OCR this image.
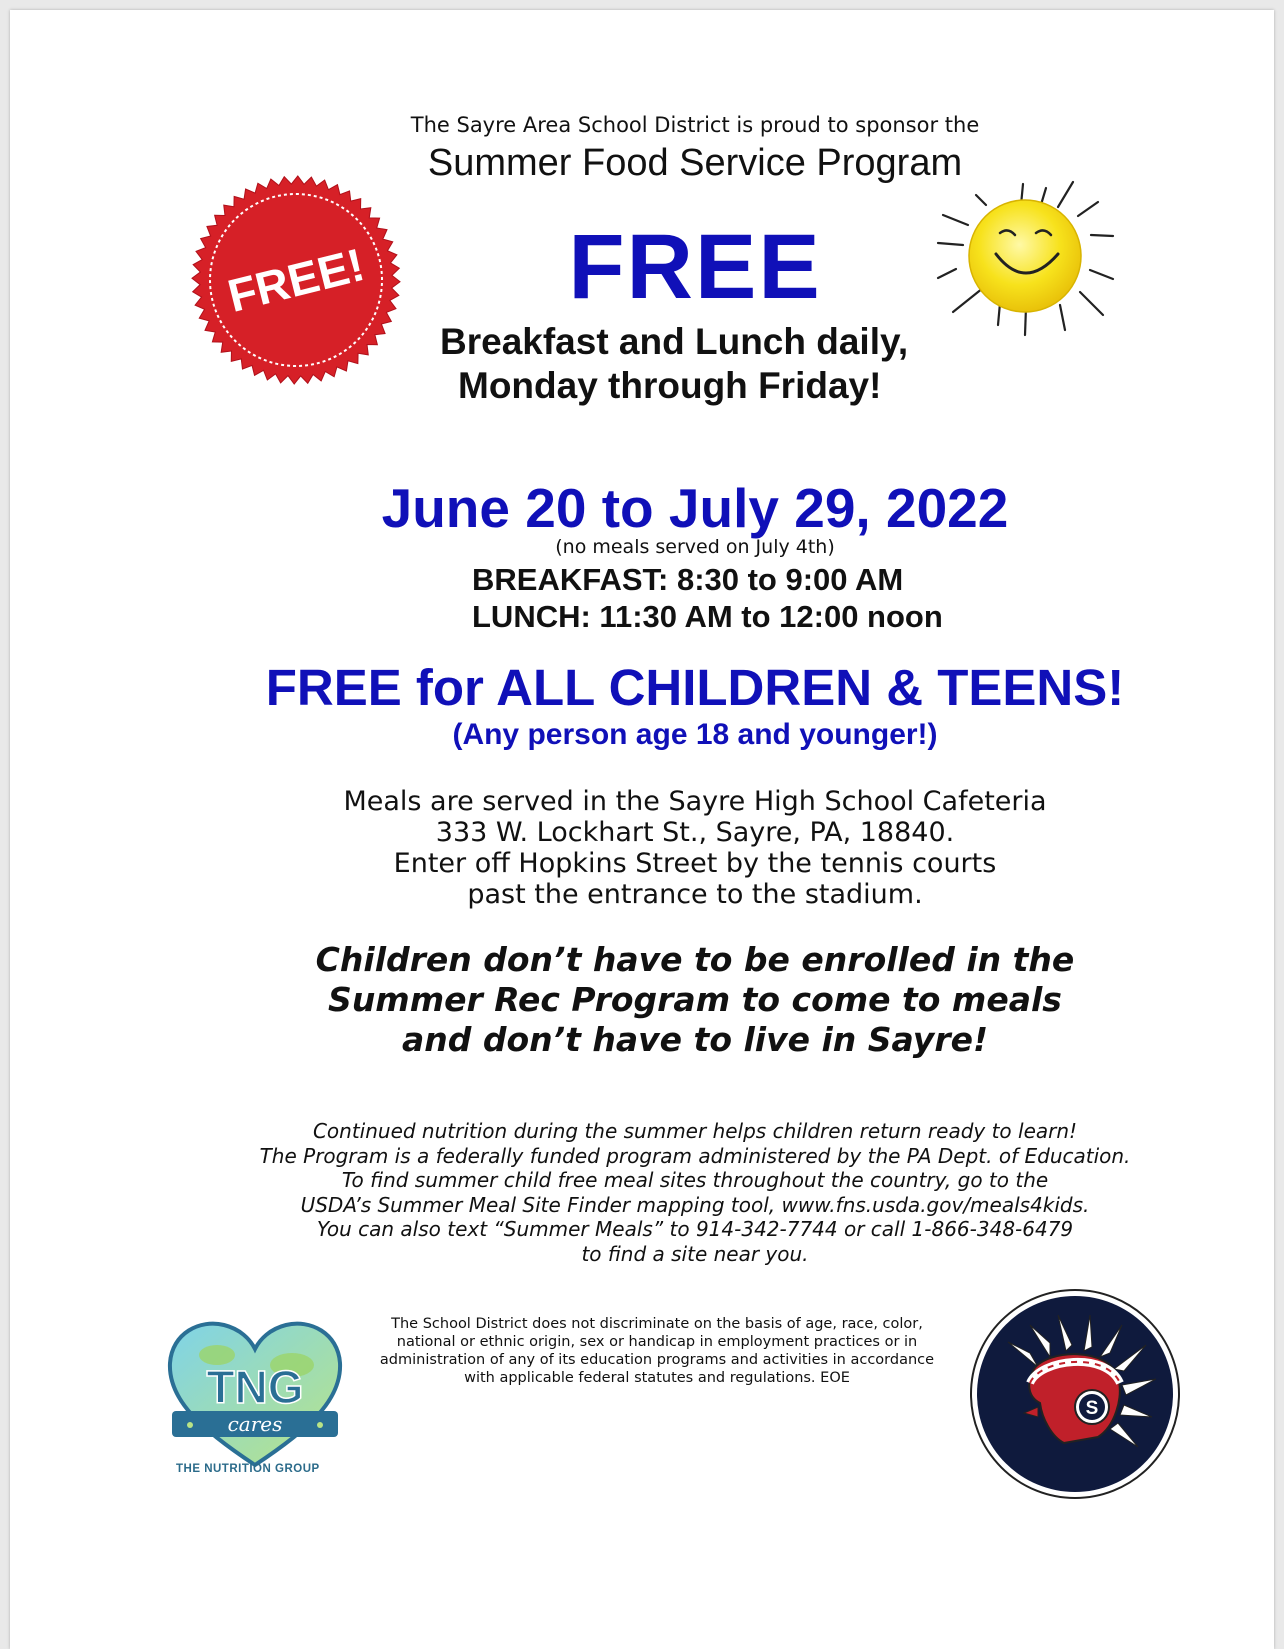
The Sayre Area School District is proud to sponsor the
Summer Food Service Program
FREE!	FREE
Breakfast and Lunch daily,
Monday through Friday!
June 20 to July 29, 2022
(no meals served on July 4th)
BREAKFAST: 8:30 to 9:00 AM
LUNCH: 11:30 AM to 12:00 noon
FREE for ALL CHILDREN & TEENS!
(Any person age 18 and younger!)
Meals are served in the Sayre High School Cafeteria
333 W. Lockhart St., Sayre, PA, 18840.
Enter off Hopkins Street by the tennis courts
past the entrance to the stadium.
Children don’t have to be enrolled in the
Summer Rec Program to come to meals
and don’t have to live in Sayre!
Continued nutrition during the summer helps children return ready to learn!
The Program is a federally funded program administered by the PA Dept. of Education.
To find summer child free meal sites throughout the country, go to the
USDA’s Summer Meal Site Finder mapping tool, www.fns.usda.gov/meals4kids.
You can also text “Summer Meals” to 914-342-7744 or call 1-866-348-6479
to find a site near you.
The School District does not discriminate on the basis of age, race, color,
national or ethnic origin, sex or handicap in employment practices or in
administration of any of its education programs and activities in accordance
with applicable federal statutes and regulations. EOE
TNG
cares
THE NUTRITION GROUP
S
